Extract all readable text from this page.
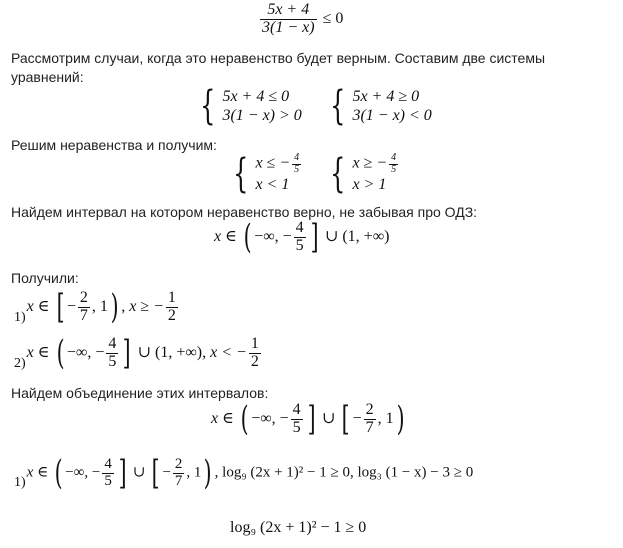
$\frac{5x + 4}{3(1 - x)} \le 0$
Рассмотрим случаи, когда это неравенство будет верным. Составим две системы
уравнений:
{ 5x + 4 ≤ 0
3(1 − x) > 0 { 5x + 4 ≥ 0
3(1 − x) < 0
Решим неравенства и получим:
{ x ≤ − $\frac{4}{5}$
x < 1	{ x ≥ − $\frac{4}{5}$
x > 1
Найдем интервал на котором неравенство верно, не забывая про ОДЗ:
x ∈ ( −∞, − $\frac{4}{5}$ ] ∪ (1, +∞)
Получили:
1)x ∈ [ − $\frac{2}{7}$ , 1) , x ≥ − $\frac{1}{2}$
2)x ∈ ( −∞, − $\frac{4}{5}$ ] ∪ (1, +∞), x < − $\frac{1}{2}$
Найдем объединение этих интервалов:
x ∈ ( −∞, − $\frac{4}{5}$ ] ∪ [ − $\frac{2}{7}$ , 1)
1)x ∈ ( −∞, − $\frac{4}{5}$ ] ∪ [ − $\frac{2}{7}$ , 1) , log₉ (2x + 1)² − 1 ≥ 0, log₃ (1 − x) − 3 ≥ 0
log₉ (2x + 1)² − 1 ≥ 0
